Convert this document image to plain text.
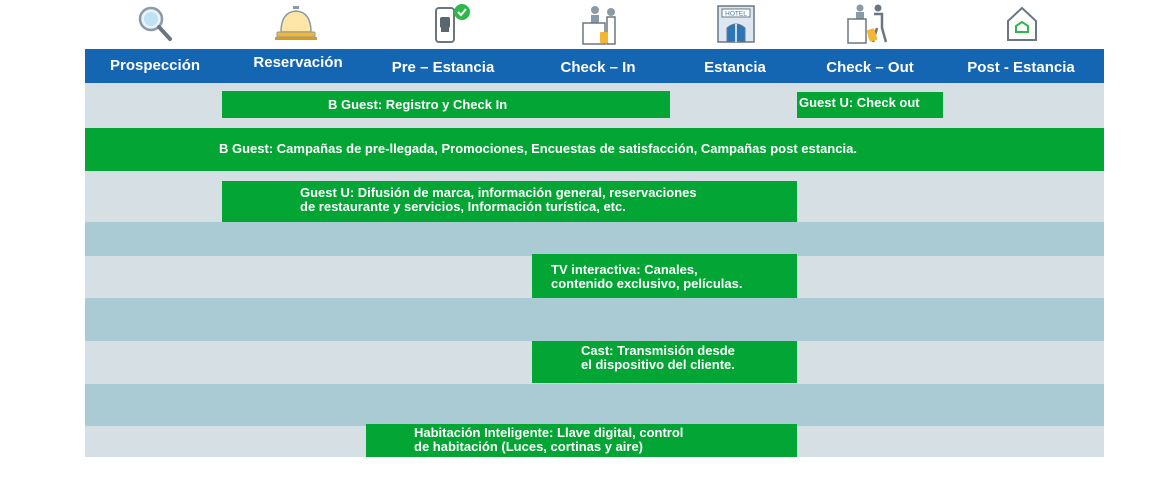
HOTEL
Prospección	Reservación	Pre – Estancia	Check – In	Estancia	Check – Out	Post - Estancia
B Guest: Registro y Check In	Guest U: Check out
B Guest: Campañas de pre-llegada, Promociones, Encuestas de satisfacción, Campañas post estancia.
Guest U: Difusión de marca, información general, reservaciones
de restaurante y servicios, Información turística, etc.
TV interactiva: Canales,
contenido exclusivo, películas.
Cast: Transmisión desde
el dispositivo del cliente.
Habitación Inteligente: Llave digital, control
de habitación (Luces, cortinas y aire)
